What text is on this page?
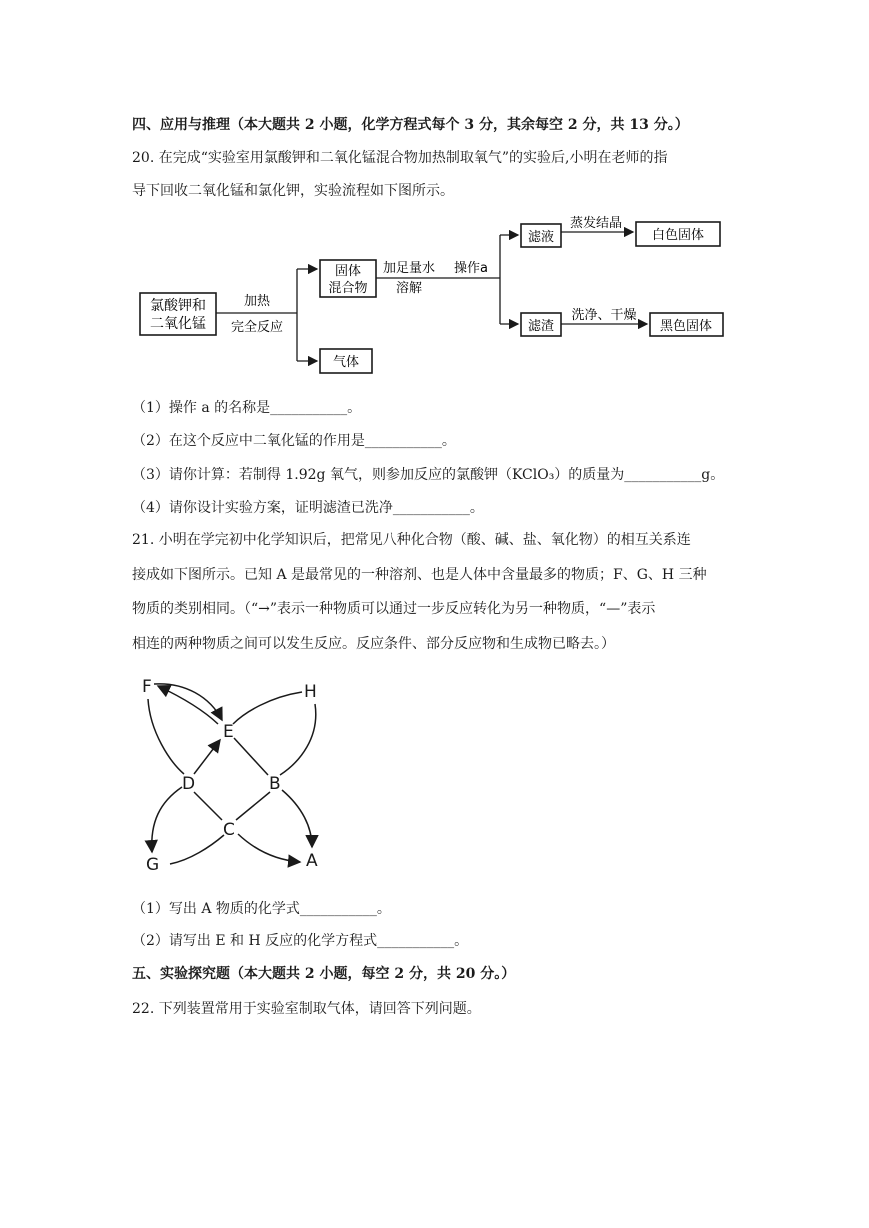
四、应用与推理（本大题共 2 小题，化学方程式每个 3 分，其余每空 2 分，共 13 分。）
20. 在完成“实验室用氯酸钾和二氧化锰混合物加热制取氧气”的实验后,小明在老师的指
导下回收二氧化锰和氯化钾，实验流程如下图所示。
氯酸钾和
二氧化锰
加热
完全反应
固体
混合物
气体
加足量水
溶解
操作a
滤液
蒸发结晶
白色固体
滤渣
洗净、干燥
黑色固体
（1）操作 a 的名称是___________。
（2）在这个反应中二氧化锰的作用是___________。
（3）请你计算：若制得 1.92g 氧气，则参加反应的氯酸钾（KClO₃）的质量为___________g。
（4）请你设计实验方案，证明滤渣已洗净___________。
21. 小明在学完初中化学知识后，把常见八种化合物（酸、碱、盐、氧化物）的相互关系连
接成如下图所示。已知 A 是最常见的一种溶剂、也是人体中含量最多的物质；F、G、H 三种
物质的类别相同。（“→”表示一种物质可以通过一步反应转化为另一种物质，“—”表示
相连的两种物质之间可以发生反应。反应条件、部分反应物和生成物已略去。）
F	H
E
D	B
C
G	A
（1）写出 A 物质的化学式___________。
（2）请写出 E 和 H 反应的化学方程式___________。
五、实验探究题（本大题共 2 小题，每空 2 分，共 20 分。）
22. 下列装置常用于实验室制取气体，请回答下列问题。
